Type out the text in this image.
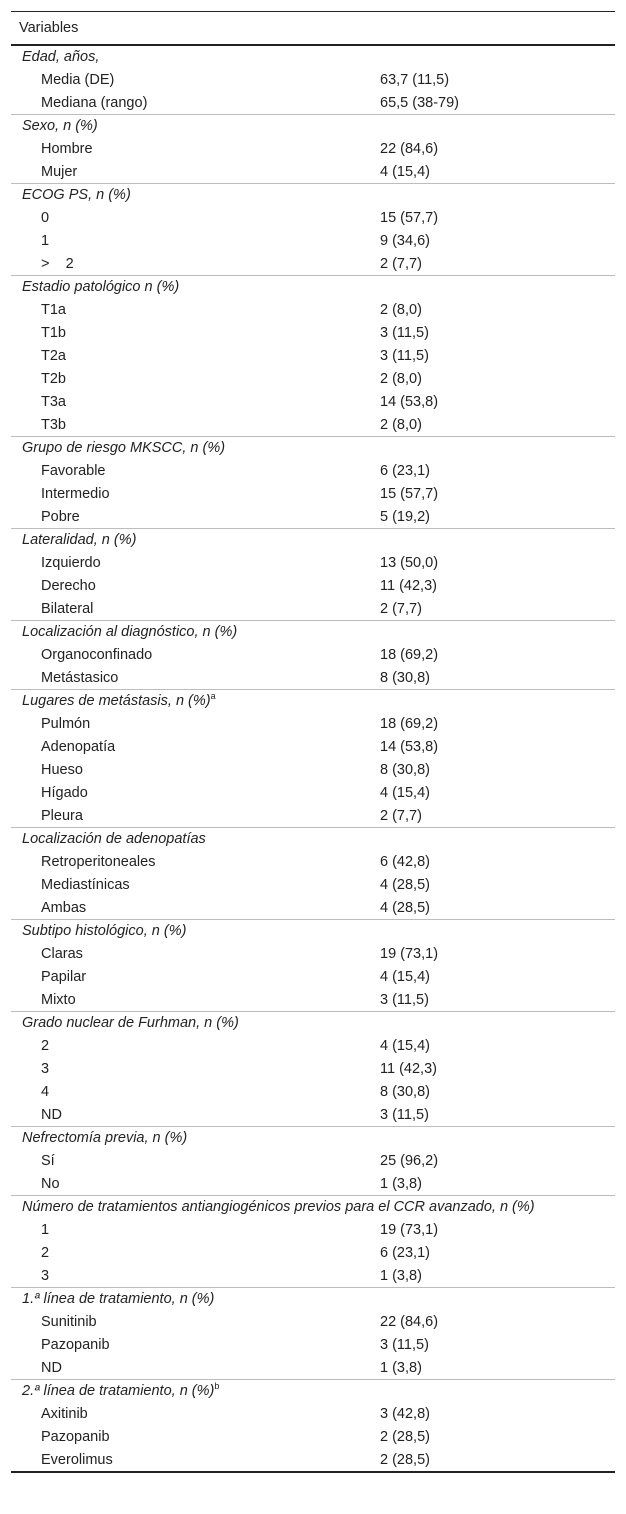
Variables	
Edad, años,	
Media (DE)	63,7 (11,5)
Mediana (rango)	65,5 (38-79)
Sexo, n (%)	
Hombre	22 (84,6)
Mujer	4 (15,4)
ECOG PS, n (%)	
0	15 (57,7)
1	9 (34,6)
>    2	2 (7,7)
Estadio patológico n (%)	
T1a	2 (8,0)
T1b	3 (11,5)
T2a	3 (11,5)
T2b	2 (8,0)
T3a	14 (53,8)
T3b	2 (8,0)
Grupo de riesgo MKSCC, n (%)	
Favorable	6 (23,1)
Intermedio	15 (57,7)
Pobre	5 (19,2)
Lateralidad, n (%)	
Izquierdo	13 (50,0)
Derecho	11 (42,3)
Bilateral	2 (7,7)
Localización al diagnóstico, n (%)	
Organoconfinado	18 (69,2)
Metástasico	8 (30,8)
Lugares de metástasis, n (%)$^a$
Pulmón	18 (69,2)
Adenopatía	14 (53,8)
Hueso	8 (30,8)
Hígado	4 (15,4)
Pleura	2 (7,7)
Localización de adenopatías	
Retroperitoneales	6 (42,8)
Mediastínicas	4 (28,5)
Ambas	4 (28,5)
Subtipo histológico, n (%)	
Claras	19 (73,1)
Papilar	4 (15,4)
Mixto	3 (11,5)
Grado nuclear de Furhman, n (%)	
2	4 (15,4)
3	11 (42,3)
4	8 (30,8)
ND	3 (11,5)
Nefrectomía previa, n (%)	
Sí	25 (96,2)
No	1 (3,8)
Número de tratamientos antiangiogénicos previos para el CCR avanzado, n (%)	
1	19 (73,1)
2	6 (23,1)
3	1 (3,8)
1.ª línea de tratamiento, n (%)	
Sunitinib	22 (84,6)
Pazopanib	3 (11,5)
ND	1 (3,8)
2.ª línea de tratamiento, n (%)$^b$
Axitinib	3 (42,8)
Pazopanib	2 (28,5)
Everolimus	2 (28,5)
